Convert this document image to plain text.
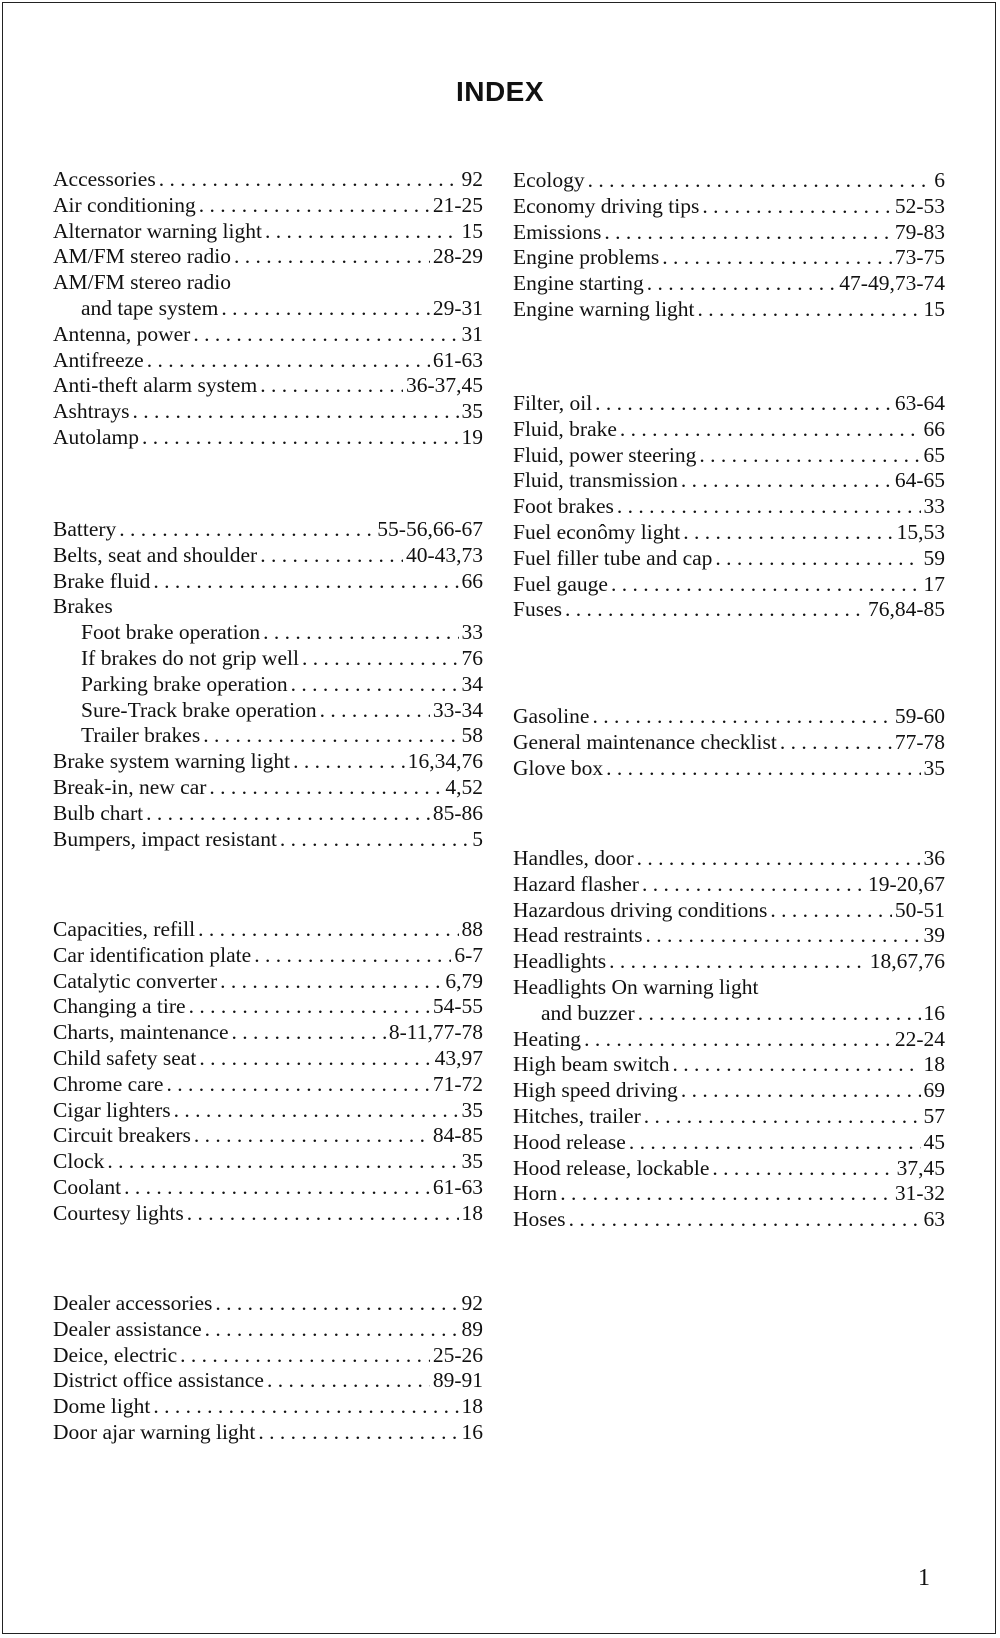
INDEX
Accessories . . .	92
Air conditioning . . .	21-25
Alternator warning light . . .	15
AM/FM stereo radio . . .	28-29
AM/FM stereo radio
and tape system . . .	29-31
Antenna, power . . .	31
Antifreeze . . .	61-63
Anti-theft alarm system . . .	36-37,45
Ashtrays . . .	35
Autolamp . . .	19
Battery . . .	55-56,66-67
Belts, seat and shoulder . . .	40-43,73
Brake fluid . . .	66
Brakes
Foot brake operation . . .	33
If brakes do not grip well . . .	76
Parking brake operation . . .	34
Sure-Track brake operation . . .	33-34
Trailer brakes . . .	58
Brake system warning light . . .	16,34,76
Break-in, new car . . .	4,52
Bulb chart . . .	85-86
Bumpers, impact resistant . . .	5
Capacities, refill . . .	88
Car identification plate . . .	6-7
Catalytic converter . . .	6,79
Changing a tire . . .	54-55
Charts, maintenance . . .	8-11,77-78
Child safety seat . . .	43,97
Chrome care . . .	71-72
Cigar lighters . . .	35
Circuit breakers . . .	84-85
Clock . . .	35
Coolant . . .	61-63
Courtesy lights . . .	18
Dealer accessories . . .	92
Dealer assistance . . .	89
Deice, electric . . .	25-26
District office assistance . . .	89-91
Dome light . . .	18
Door ajar warning light . . .	16
Ecology . . .	6
Economy driving tips . . .	52-53
Emissions . . .	79-83
Engine problems . . .	73-75
Engine starting . . .	47-49,73-74
Engine warning light . . .	15
Filter, oil . . .	63-64
Fluid, brake . . .	66
Fluid, power steering . . .	65
Fluid, transmission . . .	64-65
Foot brakes . . .	33
Fuel econômy light . . .	15,53
Fuel filler tube and cap . . .	59
Fuel gauge . . .	17
Fuses . . .	76,84-85
Gasoline . . .	59-60
General maintenance checklist . . .	77-78
Glove box . . .	35
Handles, door . . .	36
Hazard flasher . . .	19-20,67
Hazardous driving conditions . . .	50-51
Head restraints . . .	39
Headlights . . .	18,67,76
Headlights On warning light
and buzzer . . .	16
Heating . . .	22-24
High beam switch . . .	18
High speed driving . . .	69
Hitches, trailer . . .	57
Hood release . . .	45
Hood release, lockable . . .	37,45
Horn . . .	31-32
Hoses . . .	63
1
